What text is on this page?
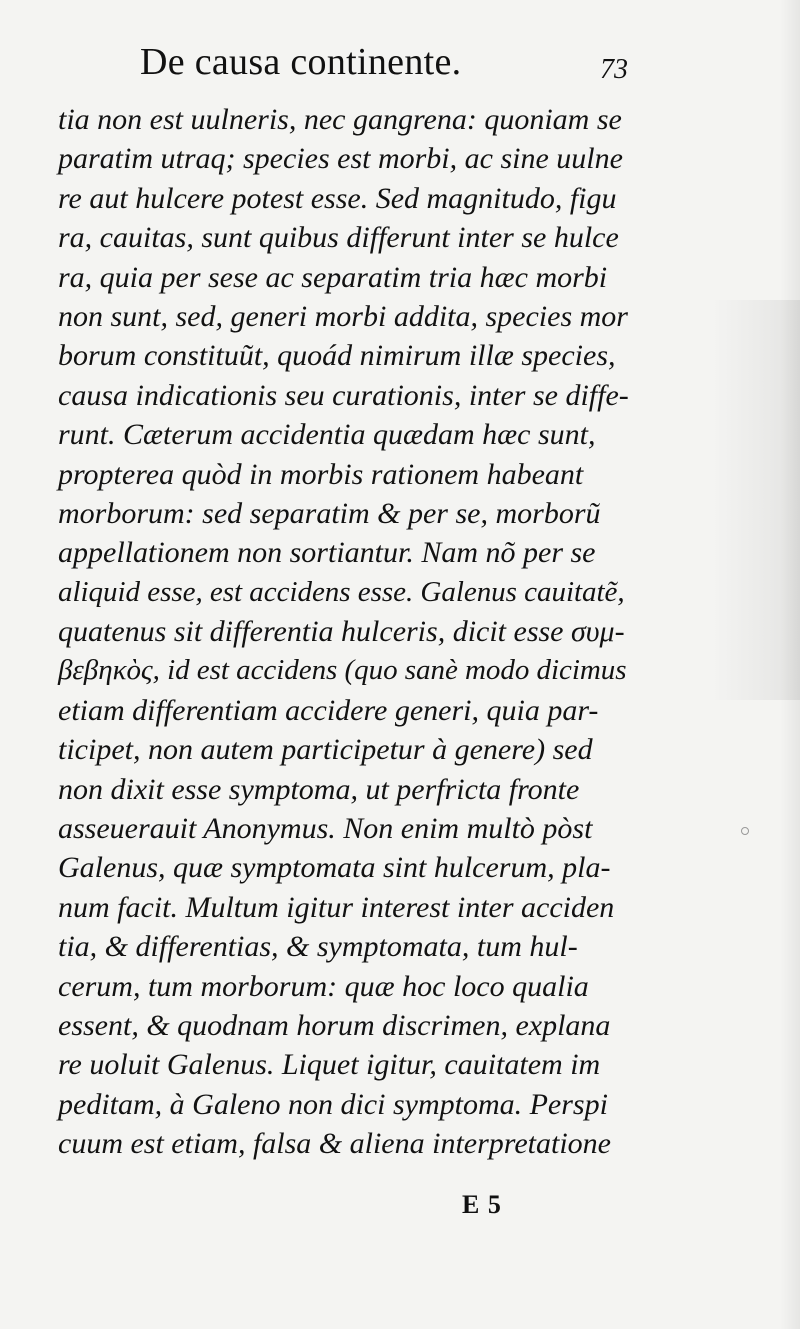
De causa continente.	73
tia non est uulneris, nec gangrena: quoniam se
paratim utraq; species est morbi, ac sine uulne
re aut hulcere potest esse. Sed magnitudo, figu
ra, cauitas, sunt quibus differunt inter se hulce
ra, quia per sese ac separatim tria hæc morbi
non sunt, sed, generi morbi addita, species mor
borum constituũt, quoád nimirum illæ species,
causa indicationis seu curationis, inter se diffe-
runt. Cæterum accidentia quædam hæc sunt,
propterea quòd in morbis rationem habeant
morborum: sed separatim & per se, morborũ
appellationem non sortiantur. Nam nõ per se
aliquid esse, est accidens esse. Galenus cauitatẽ,
quatenus sit differentia hulceris, dicit esse συμ-
βεβηκὸς, id est accidens (quo sanè modo dicimus
etiam differentiam accidere generi, quia par-
ticipet, non autem participetur à genere) sed
non dixit esse symptoma, ut perfricta fronte
asseuerauit Anonymus. Non enim multò pòst
Galenus, quæ symptomata sint hulcerum, pla-
num facit. Multum igitur interest inter acciden
tia, & differentias, & symptomata, tum hul-
cerum, tum morborum: quæ hoc loco qualia
essent, & quodnam horum discrimen, explana
re uoluit Galenus. Liquet igitur, cauitatem im
peditam, à Galeno non dici symptoma. Perspi
cuum est etiam, falsa & aliena interpretatione
E 5
